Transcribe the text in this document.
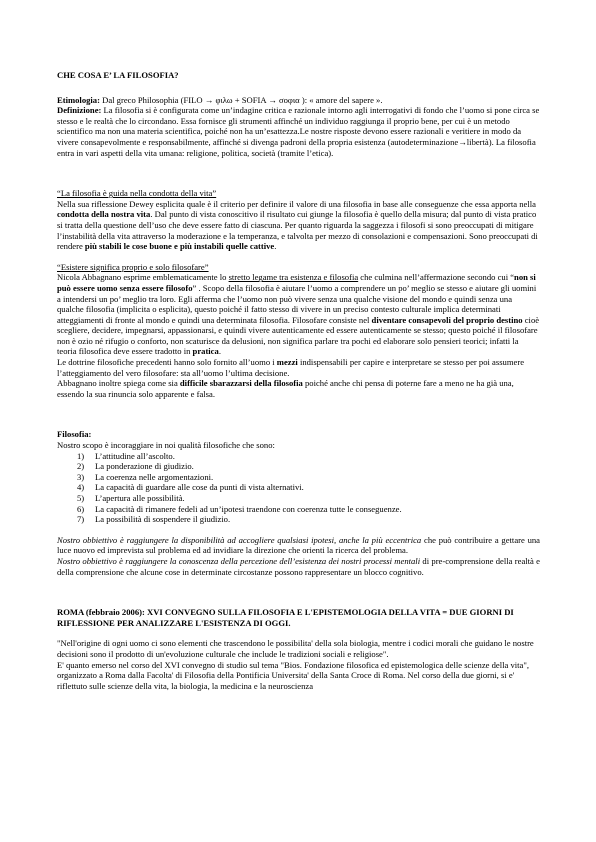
CHE COSA E’ LA FILOSOFIA?

Etimologia: Dal greco Philosophia (FILO → φιλω + SOFIA → σοφια ): « amore del sapere ».

Definizione: La filosofia si è configurata come un’indagine critica e razionale intorno agli interrogativi di fondo che l’uomo si pone circa se stesso e le realtà che lo circondano. Essa fornisce gli strumenti affinché un individuo raggiunga il proprio bene, per cui è un metodo scientifico ma non una materia scientifica, poiché non ha un’esattezza.Le nostre risposte devono essere razionali e veritiere in modo da vivere consapevolmente e responsabilmente, affinché si divenga padroni della propria esistenza (autodeterminazione→libertà). La filosofia entra in vari aspetti della vita umana: religione, politica, società (tramite l’etica).

“La filosofia è guida nella condotta della vita”

Nella sua riflessione Dewey esplicita quale è il criterio per definire il valore di una filosofia in base alle conseguenze che essa apporta nella condotta della nostra vita. Dal punto di vista conoscitivo il risultato cui giunge la filosofia è quello della misura; dal punto di vista pratico si tratta della questione dell’uso che deve essere fatto di ciascuna. Per quanto riguarda la saggezza i filosofi si sono preoccupati di mitigare l’instabilità della vita attraverso la moderazione e la temperanza, e talvolta per mezzo di consolazioni e compensazioni. Sono preoccupati di rendere più stabili le cose buone e più instabili quelle cattive.

“Esistere significa proprio e solo filosofare”

Nicola Abbagnano esprime emblematicamente lo stretto legame tra esistenza e filosofia che culmina nell’affermazione secondo cui “non si può essere uomo senza essere filosofo” . Scopo della filosofia è aiutare l’uomo a comprendere un po’ meglio se stesso e aiutare gli uomini a intendersi un po’ meglio tra loro. Egli afferma che l’uomo non può vivere senza una qualche visione del mondo e quindi senza una qualche filosofia (implicita o esplicita), questo poiché il fatto stesso di vivere in un preciso contesto culturale implica determinati atteggiamenti di fronte al mondo e quindi una determinata filosofia. Filosofare consiste nel diventare consapevoli del proprio destino cioè scegliere, decidere, impegnarsi, appassionarsi, e quindi vivere autenticamente ed essere autenticamente se stesso; questo poiché il filosofare non è ozio né rifugio o conforto, non scaturisce da delusioni, non significa parlare tra pochi ed elaborare solo pensieri teorici; infatti la teoria filosofica deve essere tradotto in pratica.

Le dottrine filosofiche precedenti hanno solo fornito all’uomo i mezzi indispensabili per capire e interpretare se stesso per poi assumere l’atteggiamento del vero filosofare: sta all’uomo l’ultima decisione.

Abbagnano inoltre spiega come sia difficile sbarazzarsi della filosofia poiché anche chi pensa di poterne fare a meno ne ha già una, essendo la sua rinuncia solo apparente e falsa.

Filosofia:

Nostro scopo è incoraggiare in noi qualità filosofiche che sono:

1)	L’attitudine all’ascolto.
2)	La ponderazione di giudizio.
3)	La coerenza nelle argomentazioni.
4)	La capacità di guardare alle cose da punti di vista alternativi.
5)	L’apertura alle possibilità.
6)	La capacità di rimanere fedeli ad un’ipotesi traendone con coerenza tutte le conseguenze.
7)	La possibilità di sospendere il giudizio.

Nostro obbiettivo è raggiungere la disponibilità ad accogliere qualsiasi ipotesi, anche la più eccentrica che può contribuire a gettare una luce nuovo ed imprevista sul problema ed ad invidiare la direzione che orienti la ricerca del problema.

Nostro obbiettivo è raggiungere la conoscenza della percezione dell’esistenza dei nostri processi mentali di pre-comprensione della realtà e della comprensione che alcune cose in determinate circostanze possono rappresentare un blocco cognitivo.

ROMA (febbraio 2006): XVI CONVEGNO SULLA FILOSOFIA E L'EPISTEMOLOGIA DELLA VITA = DUE GIORNI DI RIFLESSIONE PER ANALIZZARE L'ESISTENZA DI OGGI.

"Nell'origine di ogni uomo ci sono elementi che trascendono le possibilita' della sola biologia, mentre i codici morali che guidano le nostre decisioni sono il prodotto di un'evoluzione culturale che include le tradizioni sociali e religiose".

E' quanto emerso nel corso del XVI convegno di studio sul tema "Bios. Fondazione filosofica ed epistemologica delle scienze della vita", organizzato a Roma dalla Facolta' di Filosofia della Pontificia Universita' della Santa Croce di Roma. Nel corso della due giorni, si e' riflettuto sulle scienze della vita, la biologia, la medicina e la neuroscienza
